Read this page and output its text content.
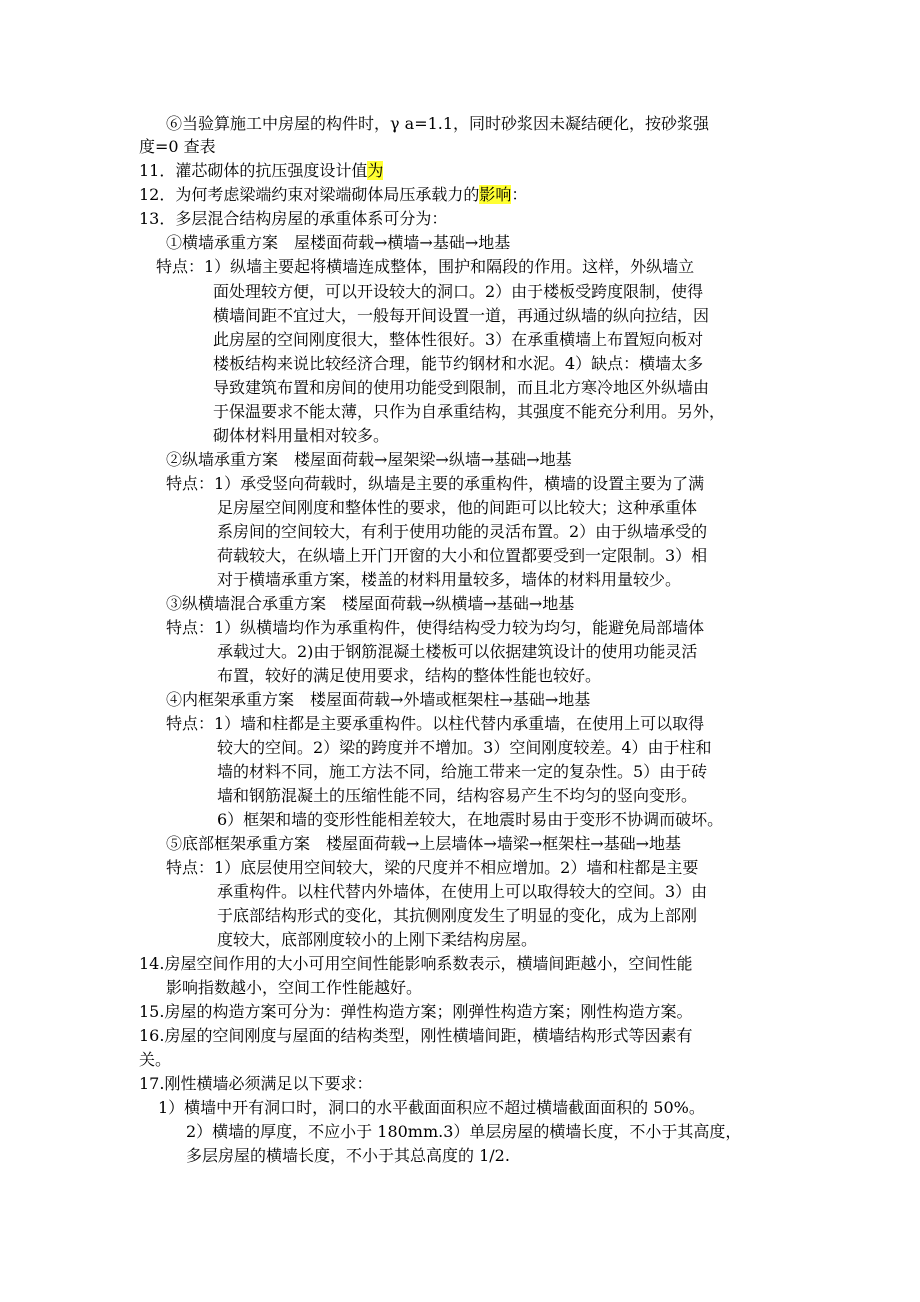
⑥当验算施工中房屋的构件时，γ a=1.1，同时砂浆因未凝结硬化，按砂浆强
度=0 查表
11．灌芯砌体的抗压强度设计值为
12．为何考虑梁端约束对梁端砌体局压承载力的影响：
13．多层混合结构房屋的承重体系可分为：
①横墙承重方案　屋楼面荷载→横墙→基础→地基
特点：1）纵墙主要起将横墙连成整体，围护和隔段的作用。这样，外纵墙立
面处理较方便，可以开设较大的洞口。2）由于楼板受跨度限制，使得
横墙间距不宜过大，一般每开间设置一道，再通过纵墙的纵向拉结，因
此房屋的空间刚度很大，整体性很好。3）在承重横墙上布置短向板对
楼板结构来说比较经济合理，能节约钢材和水泥。4）缺点：横墙太多
导致建筑布置和房间的使用功能受到限制，而且北方寒冷地区外纵墙由
于保温要求不能太薄，只作为自承重结构，其强度不能充分利用。另外，
砌体材料用量相对较多。
②纵墙承重方案　楼屋面荷载→屋架梁→纵墙→基础→地基
特点：1）承受竖向荷载时，纵墙是主要的承重构件，横墙的设置主要为了满
足房屋空间刚度和整体性的要求，他的间距可以比较大；这种承重体
系房间的空间较大，有利于使用功能的灵活布置。2）由于纵墙承受的
荷载较大，在纵墙上开门开窗的大小和位置都要受到一定限制。3）相
对于横墙承重方案，楼盖的材料用量较多，墙体的材料用量较少。
③纵横墙混合承重方案　楼屋面荷载→纵横墙→基础→地基
特点：1）纵横墙均作为承重构件，使得结构受力较为均匀，能避免局部墙体
承载过大。2)由于钢筋混凝土楼板可以依据建筑设计的使用功能灵活
布置，较好的满足使用要求，结构的整体性能也较好。
④内框架承重方案　楼屋面荷载→外墙或框架柱→基础→地基
特点：1）墙和柱都是主要承重构件。以柱代替内承重墙，在使用上可以取得
较大的空间。2）梁的跨度并不增加。3）空间刚度较差。4）由于柱和
墙的材料不同，施工方法不同，给施工带来一定的复杂性。5）由于砖
墙和钢筋混凝土的压缩性能不同，结构容易产生不均匀的竖向变形。
6）框架和墙的变形性能相差较大，在地震时易由于变形不协调而破坏。
⑤底部框架承重方案　楼屋面荷载→上层墙体→墙梁→框架柱→基础→地基
特点：1）底层使用空间较大，梁的尺度并不相应增加。2）墙和柱都是主要
承重构件。以柱代替内外墙体，在使用上可以取得较大的空间。3）由
于底部结构形式的变化，其抗侧刚度发生了明显的变化，成为上部刚
度较大，底部刚度较小的上刚下柔结构房屋。
14.房屋空间作用的大小可用空间性能影响系数表示，横墙间距越小，空间性能
影响指数越小，空间工作性能越好。
15.房屋的构造方案可分为：弹性构造方案；刚弹性构造方案；刚性构造方案。
16.房屋的空间刚度与屋面的结构类型，刚性横墙间距，横墙结构形式等因素有
关。
17.刚性横墙必须满足以下要求：
1）横墙中开有洞口时，洞口的水平截面面积应不超过横墙截面面积的 50%。
2）横墙的厚度，不应小于 180mm.3）单层房屋的横墙长度，不小于其高度，
多层房屋的横墙长度，不小于其总高度的 1/2.
